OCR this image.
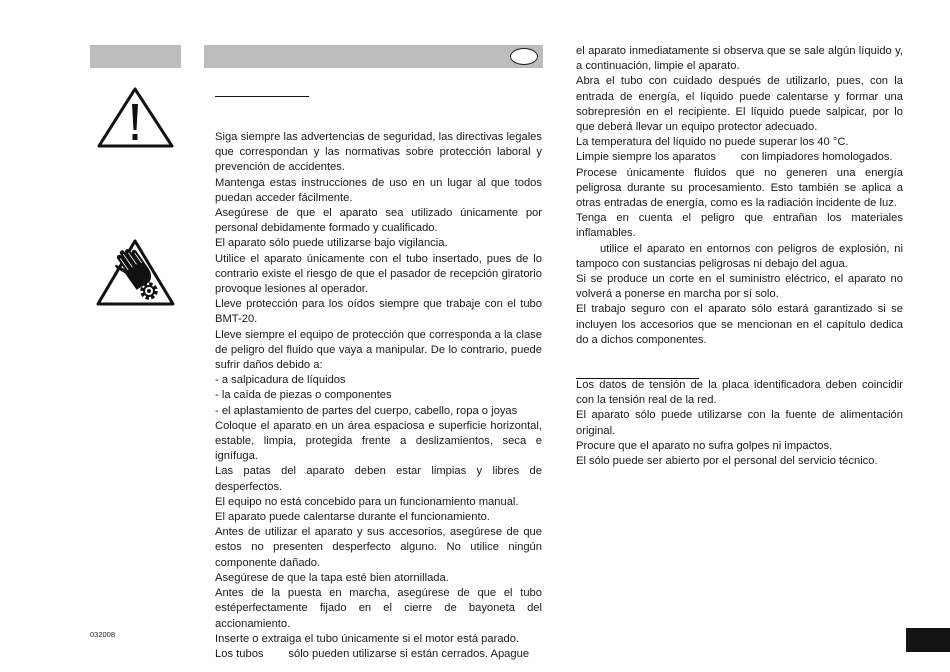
Siga siempre las advertencias de seguridad, las directivas legales que correspondan y las normativas sobre protección laboral y prevención de accidentes.

Mantenga estas instrucciones de uso en un lugar al que todos puedan acceder fácilmente.

Asegúrese de que el aparato sea utilizado únicamente por personal debidamente formado y cualificado.

El aparato sólo puede utilizarse bajo vigilancia.

Utilice el aparato únicamente con el tubo insertado, pues de lo contrario existe el riesgo de que el pasador de recepción giratorio provoque lesiones al operador.

Lleve protección para los oídos siempre que trabaje con el tubo BMT-20.

Lleve siempre el equipo de protección que corresponda a la clase de peligro del fluido que vaya a manipular. De lo contrario, puede sufrir daños debido a:

- a salpicadura de líquidos

- la caída de piezas o componentes

- el aplastamiento de partes del cuerpo, cabello, ropa o joyas

Coloque el aparato en un área espaciosa e superficie horizontal, estable, limpia, protegida frente a deslizamientos, seca e ignífuga.

Las patas del aparato deben estar limpias y libres de desperfectos.

El equipo no está concebido para un funcionamiento manual.

El aparato puede calentarse durante el funcionamiento.

Antes de utilizar el aparato y sus accesorios, asegúrese de que estos no presenten desperfecto alguno. No utilice ningún componente dañado.

Asegúrese de que la tapa esté bien atornillada.

Antes de la puesta en marcha, asegúrese de que el tubo estéperfectamente fijado en el cierre de bayoneta del accionamiento.

Inserte o extraiga el tubo únicamente si el motor está parado.

Los tubos        sólo pueden utilizarse si están cerrados. Apague

el aparato inmediatamente si observa que se sale algún líquido y, a continuación, limpie el aparato.

Abra el tubo con cuidado después de utilizarlo, pues, con la entrada de energía, el líquido puede calentarse y formar una sobrepresión en el recipiente. El líquido puede salpicar, por lo que deberá llevar un equipo protector adecuado.

La temperatura del líquido no puede superar los 40 °C.

Limpie siempre los aparatos        con limpiadores homologados.

Procese únicamente fluidos que no generen una energía peligrosa durante su procesamiento. Esto también se aplica a otras entradas de energía, como es la radiación incidente de luz.

Tenga en cuenta el peligro que entrañan los materiales inflamables.

utilice el aparato en entornos con peligros de explosión, ni tampoco con sustancias peligrosas ni debajo del agua.

Si se produce un corte en el suministro eléctrico, el aparato no volverá a ponerse en marcha por sí solo.

El trabajo seguro con el aparato sólo estará garantizado si se incluyen los accesorios que se mencionan en el capítulo dedica do a dichos componentes.

Los datos de tensión de la placa identificadora deben coincidir con la tensión real de la red.

El aparato sólo puede utilizarse con la fuente de alimentación original.

Procure que el aparato no sufra golpes ni impactos.

El sólo puede ser abierto por el personal del servicio técnico.

032008
